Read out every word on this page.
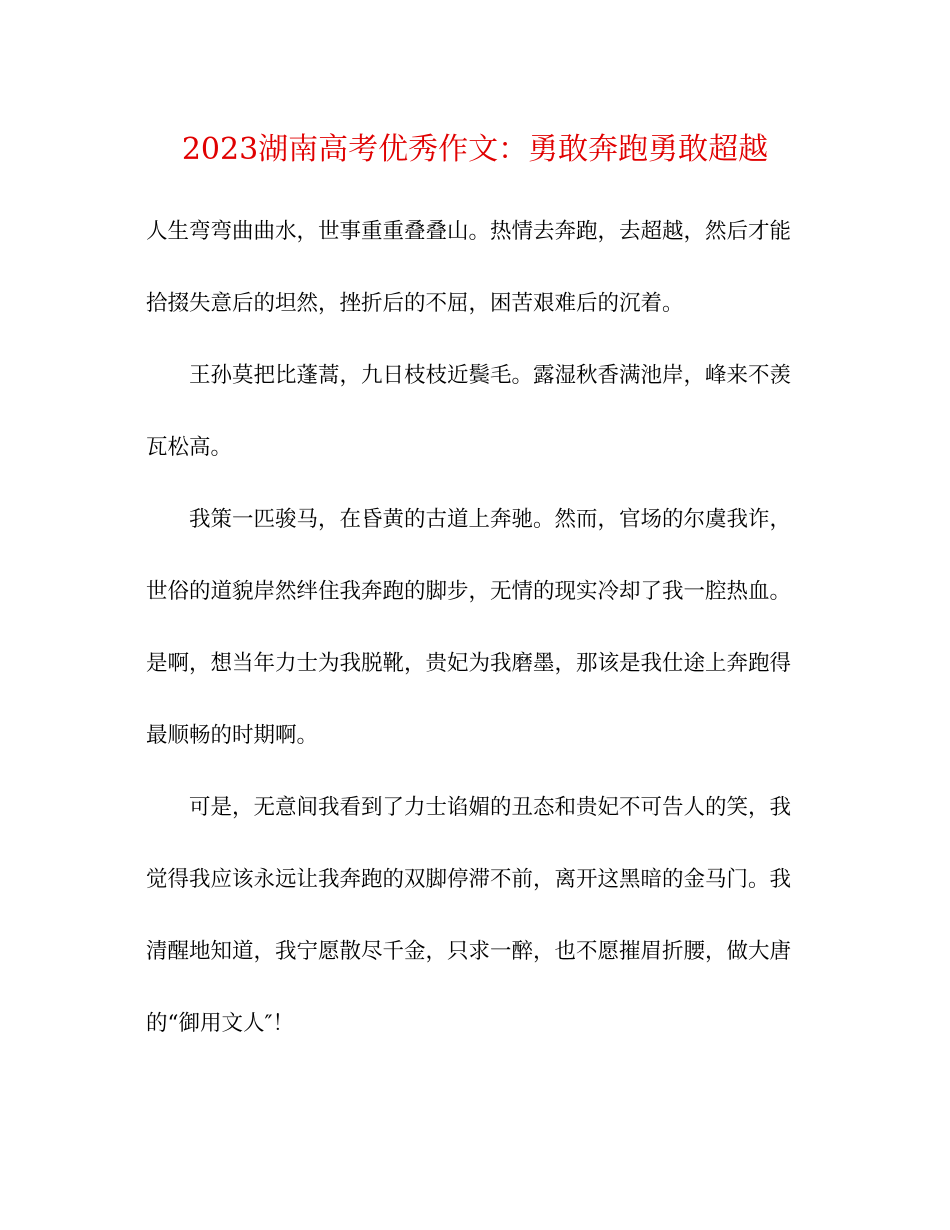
2023湖南高考优秀作文：勇敢奔跑勇敢超越
人生弯弯曲曲水，世事重重叠叠山。热情去奔跑，去超越，然后才能
拾掇失意后的坦然，挫折后的不屈，困苦艰难后的沉着。
王孙莫把比蓬蒿，九日枝枝近鬓毛。露湿秋香满池岸，峰来不羡
瓦松高。
我策一匹骏马，在昏黄的古道上奔驰。然而，官场的尔虞我诈，
世俗的道貌岸然绊住我奔跑的脚步，无情的现实冷却了我一腔热血。
是啊，想当年力士为我脱靴，贵妃为我磨墨，那该是我仕途上奔跑得
最顺畅的时期啊。
可是，无意间我看到了力士谄媚的丑态和贵妃不可告人的笑，我
觉得我应该永远让我奔跑的双脚停滞不前，离开这黑暗的金马门。我
清醒地知道，我宁愿散尽千金，只求一醉，也不愿摧眉折腰，做大唐
的“御用文人″！
